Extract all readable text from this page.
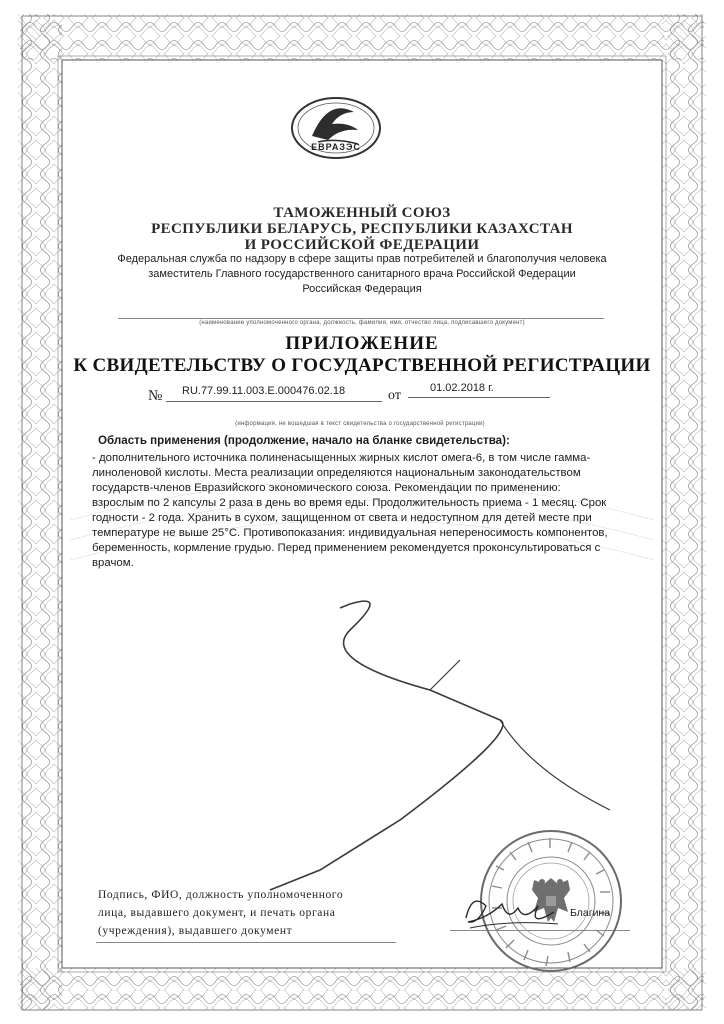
ЕВРАЗЭС
ТАМОЖЕННЫЙ СОЮЗ
РЕСПУБЛИКИ БЕЛАРУСЬ, РЕСПУБЛИКИ КАЗАХСТАН
И РОССИЙСКОЙ ФЕДЕРАЦИИ
Федеральная служба по надзору в сфере защиты прав потребителей и благополучия человека
заместитель Главного государственного санитарного врача Российской Федерации
Российская Федерация
(наименование уполномоченного органа, должность, фамилия, имя, отчество лица, подписавшего документ)
ПРИЛОЖЕНИЕ
К СВИДЕТЕЛЬСТВУ О ГОСУДАРСТВЕННОЙ РЕГИСТРАЦИИ
№ RU.77.99.11.003.E.000476.02.18	от	01.02.2018 г.
(информация, не вошедшая в текст свидетельства о государственной регистрации)
Область применения (продолжение, начало на бланке свидетельства):
- дополнительного источника полиненасыщенных жирных кислот омега-6, в том числе гамма-
линоленовой кислоты. Места реализации определяются национальным законодательством
государств-членов Евразийского экономического союза. Рекомендации по применению:
взрослым по 2 капсулы 2 раза в день во время еды. Продолжительность приема - 1 месяц. Срок
годности - 2 года. Хранить в сухом, защищенном от света и недоступном для детей месте при
температуре не выше 25°С. Противопоказания: индивидуальная непереносимость компонентов,
беременность, кормление грудью. Перед применением рекомендуется проконсультироваться с
врачом.
Подпись, ФИО, должность уполномоченного
лица, выдавшего документ, и печать органа
(учреждения), выдавшего документ
Благина
